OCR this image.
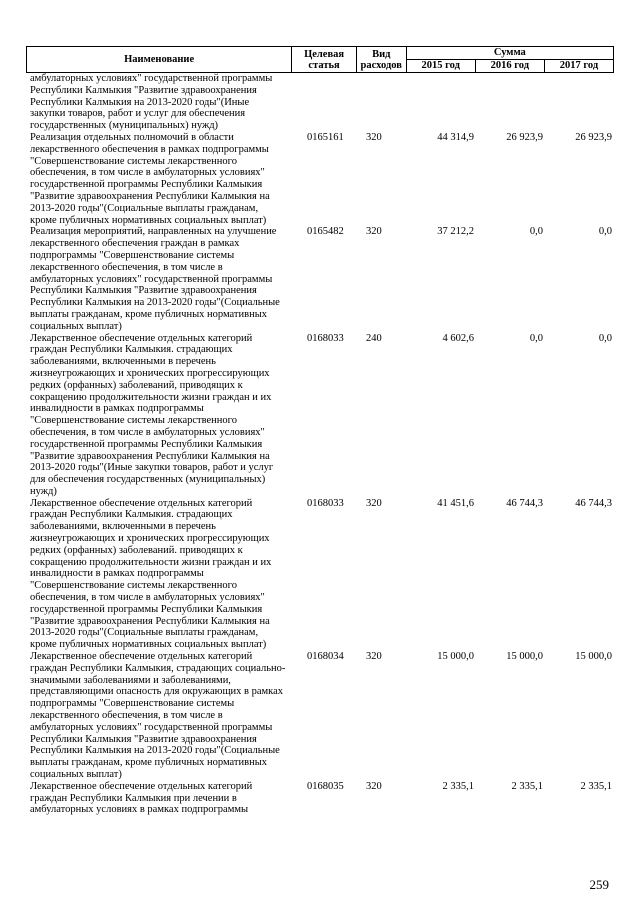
Наименование	Целевая статья	Вид расходов	Сумма		
			2015 год	2016 год	2017 год
амбулаторных условиях" государственной программы
Республики Калмыкия "Развитие здравоохранения
Республики Калмыкия на 2013-2020 годы"(Иные
закупки товаров, работ и услуг для обеспечения
государственных (муниципальных) нужд)
Реализация отдельных полномочий в области
лекарственного обеспечения в рамках подпрограммы
"Совершенствование системы лекарственного
обеспечения, в том числе в амбулаторных условиях"
государственной программы Республики Калмыкия
"Развитие здравоохранения Республики Калмыкия на
2013-2020 годы"(Социальные выплаты гражданам,
кроме публичных нормативных социальных выплат)
0165161	320	44 314,9	26 923,9	26 923,9
Реализация мероприятий, направленных на улучшение
лекарственного обеспечения граждан в рамках
подпрограммы "Совершенствование системы
лекарственного обеспечения, в том числе в
амбулаторных условиях" государственной программы
Республики Калмыкия "Развитие здравоохранения
Республики Калмыкия на 2013-2020 годы"(Социальные
выплаты гражданам, кроме публичных нормативных
социальных выплат)
0165482	320	37 212,2	0,0	0,0
Лекарственное обеспечение отдельных категорий
граждан Республики Калмыкия. страдающих
заболеваниями, включенными в перечень
жизнеугрожающих и хронических прогрессирующих
редких (орфанных) заболеваний, приводящих к
сокращению продолжительности жизни граждан и их
инвалидности в рамках подпрограммы
"Совершенствование системы лекарственного
обеспечения, в том числе в амбулаторных условиях"
государственной программы Республики Калмыкия
"Развитие здравоохранения Республики Калмыкия на
2013-2020 годы"(Иные закупки товаров, работ и услуг
для обеспечения государственных (муниципальных)
нужд)
0168033	240	4 602,6	0,0	0,0
Лекарственное обеспечение отдельных категорий
граждан Республики Калмыкия. страдающих
заболеваниями, включенными в перечень
жизнеугрожающих и хронических прогрессирующих
редких (орфанных) заболеваний. приводящих к
сокращению продолжительности жизни граждан и их
инвалидности в рамках подпрограммы
"Совершенствование системы лекарственного
обеспечения, в том числе в амбулаторных условиях"
государственной программы Республики Калмыкия
"Развитие здравоохранения Республики Калмыкия на
2013-2020 годы"(Социальные выплаты гражданам,
кроме публичных нормативных социальных выплат)
0168033	320	41 451,6	46 744,3	46 744,3
Лекарственное обеспечение отдельных категорий
граждан Республики Калмыкия, страдающих социально-
значимыми заболеваниями и заболеваниями,
представляющими опасность для окружающих в рамках
подпрограммы "Совершенствование системы
лекарственного обеспечения, в том числе в
амбулаторных условиях" государственной программы
Республики Калмыкия "Развитие здравоохранения
Республики Калмыкия на 2013-2020 годы"(Социальные
выплаты гражданам, кроме публичных нормативных
социальных выплат)
0168034	320	15 000,0	15 000,0	15 000,0
Лекарственное обеспечение отдельных категорий
граждан Республики Калмыкия при лечении в
амбулаторных условиях в рамках подпрограммы
0168035	320	2 335,1	2 335,1	2 335,1
259
